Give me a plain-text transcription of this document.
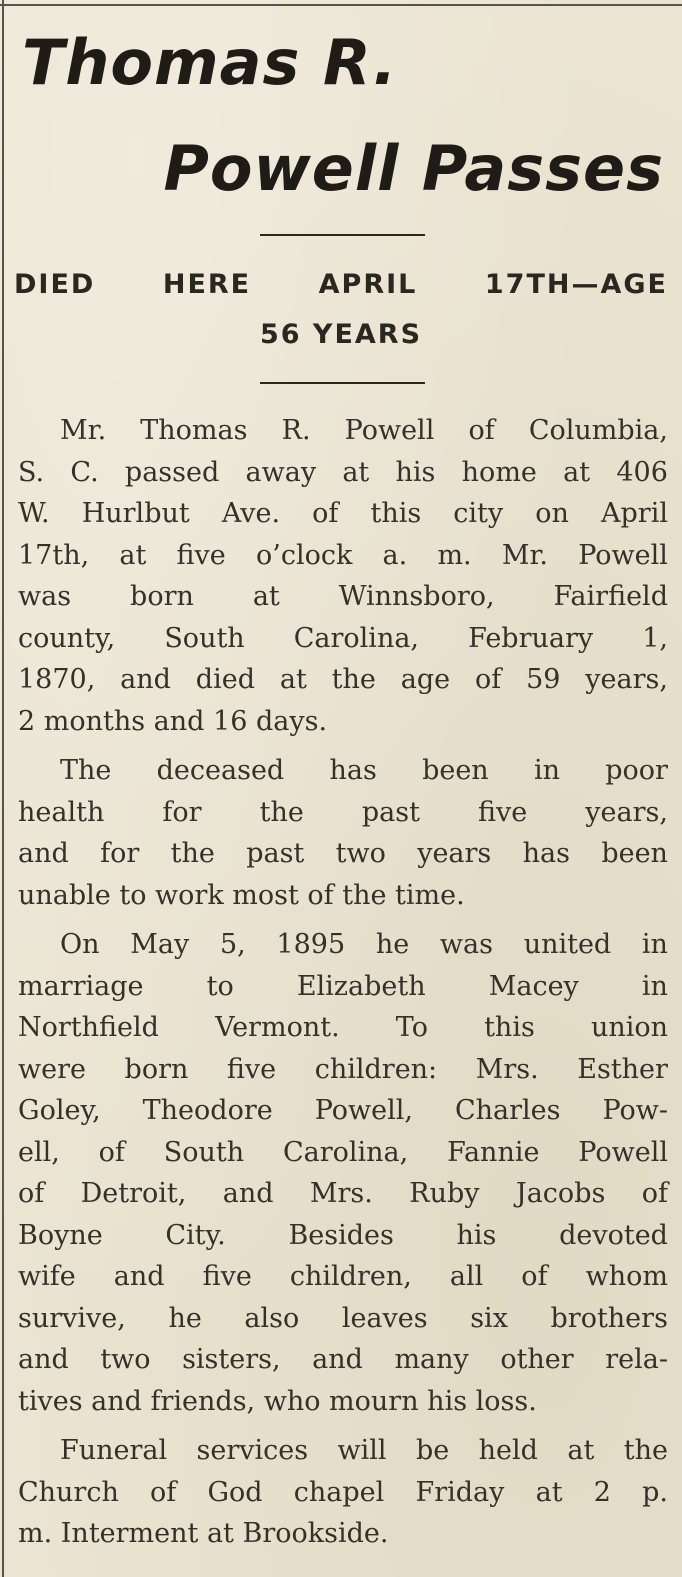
Thomas R.
Powell Passes
DIED	HERE	APRIL	17TH—AGE
56 YEARS
Mr. Thomas R. Powell of Columbia,
S. C. passed away at his home at 406
W. Hurlbut Ave. of this city on April
17th, at five o’clock a. m. Mr. Powell
was born at Winnsboro, Fairfield
county, South Carolina, February 1,
1870, and died at the age of 59 years,
2 months and 16 days.
The deceased has been in poor
health for the past five years,
and for the past two years has been
unable to work most of the time.
On May 5, 1895 he was united in
marriage to Elizabeth Macey in
Northfield Vermont. To this union
were born five children: Mrs. Esther
Goley, Theodore Powell, Charles Pow-
ell, of South Carolina, Fannie Powell
of Detroit, and Mrs. Ruby Jacobs of
Boyne City. Besides his devoted
wife and five children, all of whom
survive, he also leaves six brothers
and two sisters, and many other rela-
tives and friends, who mourn his loss.
Funeral services will be held at the
Church of God chapel Friday at 2 p.
m. Interment at Brookside.
